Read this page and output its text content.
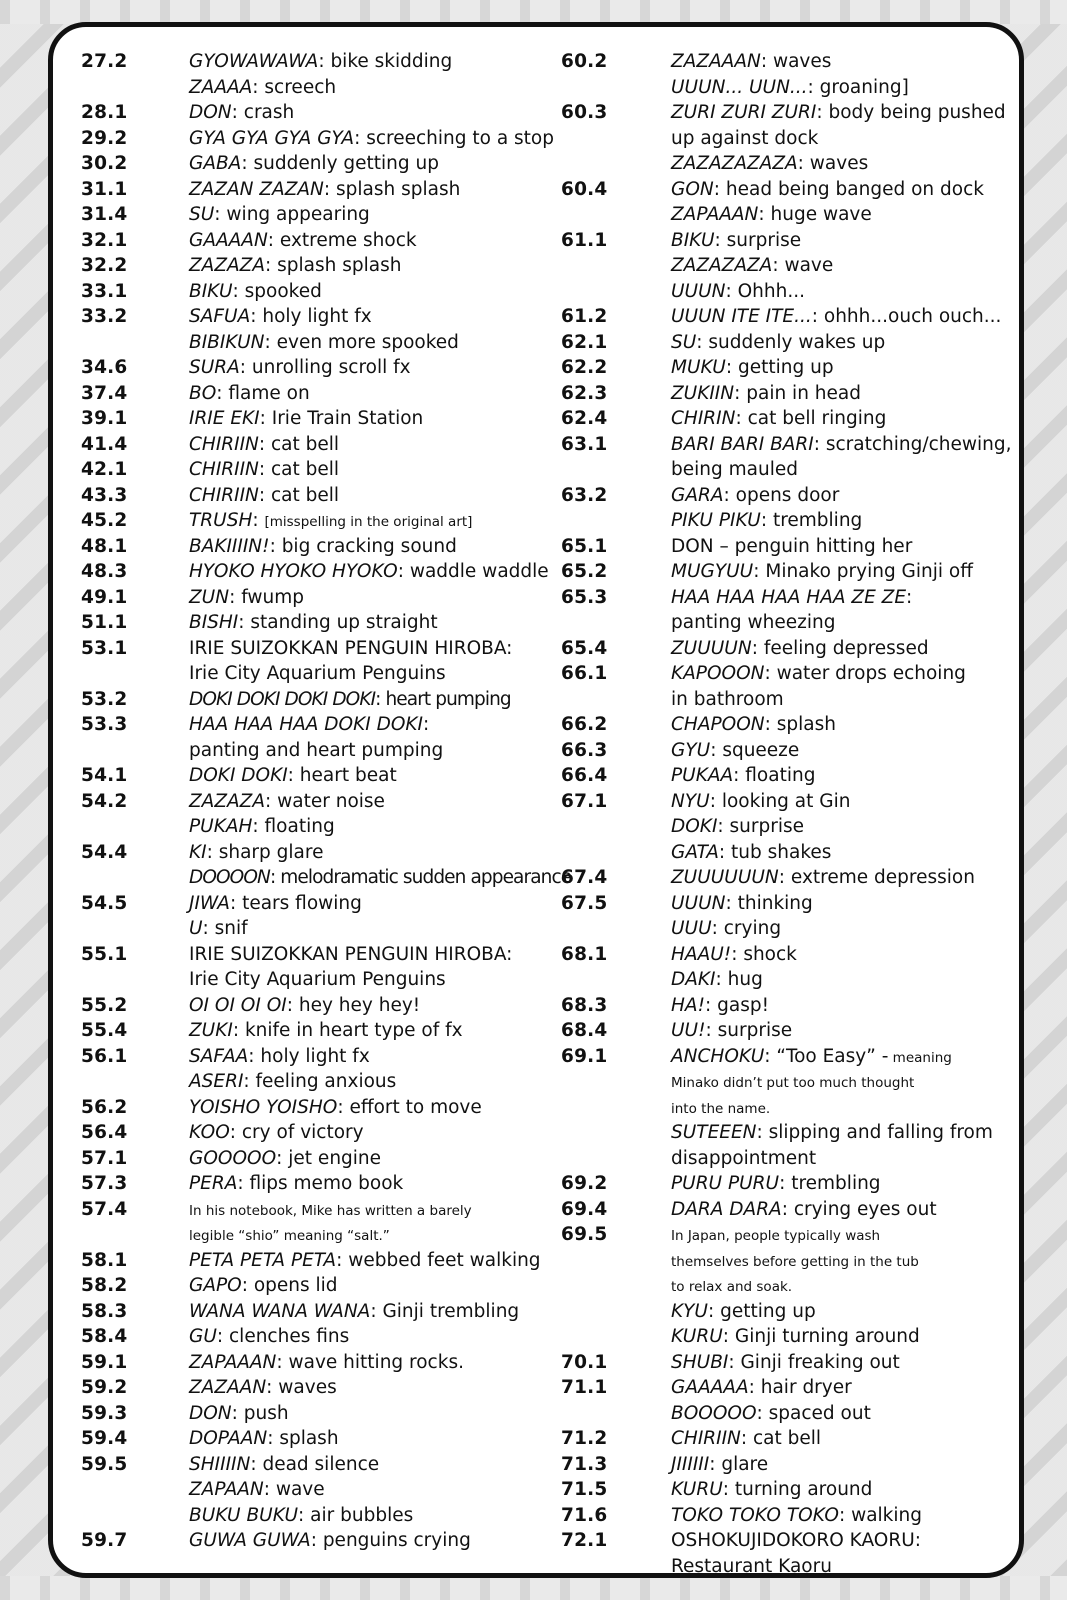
27.2	GYOWAWAWA: bike skidding
ZAAAA: screech
28.1	DON: crash
29.2	GYA GYA GYA GYA: screeching to a stop
30.2	GABA: suddenly getting up
31.1	ZAZAN ZAZAN: splash splash
31.4	SU: wing appearing
32.1	GAAAAN: extreme shock
32.2	ZAZAZA: splash splash
33.1	BIKU: spooked
33.2	SAFUA: holy light fx
BIBIKUN: even more spooked
34.6	SURA: unrolling scroll fx
37.4	BO: flame on
39.1	IRIE EKI: Irie Train Station
41.4	CHIRIIN: cat bell
42.1	CHIRIIN: cat bell
43.3	CHIRIIN: cat bell
45.2	TRUSH: [misspelling in the original art]
48.1	BAKIIIIN!: big cracking sound
48.3	HYOKO HYOKO HYOKO: waddle waddle
49.1	ZUN: fwump
51.1	BISHI: standing up straight
53.1	IRIE SUIZOKKAN PENGUIN HIROBA:
Irie City Aquarium Penguins
53.2	DOKI DOKI DOKI DOKI: heart pumping
53.3	HAA HAA HAA DOKI DOKI:
panting and heart pumping
54.1	DOKI DOKI: heart beat
54.2	ZAZAZA: water noise
PUKAH: floating
54.4	KI: sharp glare
DOOOON: melodramatic sudden appearance
54.5	JIWA: tears flowing
U: snif
55.1	IRIE SUIZOKKAN PENGUIN HIROBA:
Irie City Aquarium Penguins
55.2	OI OI OI OI: hey hey hey!
55.4	ZUKI: knife in heart type of fx
56.1	SAFAA: holy light fx
ASERI: feeling anxious
56.2	YOISHO YOISHO: effort to move
56.4	KOO: cry of victory
57.1	GOOOOO: jet engine
57.3	PERA: flips memo book
57.4	In his notebook, Mike has written a barely
legible “shio” meaning “salt.”
58.1	PETA PETA PETA: webbed feet walking
58.2	GAPO: opens lid
58.3	WANA WANA WANA: Ginji trembling
58.4	GU: clenches fins
59.1	ZAPAAAN: wave hitting rocks.
59.2	ZAZAAN: waves
59.3	DON: push
59.4	DOPAAN: splash
59.5	SHIIIIN: dead silence
ZAPAAN: wave
BUKU BUKU: air bubbles
59.7	GUWA GUWA: penguins crying
60.2	ZAZAAAN: waves
UUUN... UUN...: groaning]
60.3	ZURI ZURI ZURI: body being pushed
up against dock
ZAZAZAZAZA: waves
60.4	GON: head being banged on dock
ZAPAAAN: huge wave
61.1	BIKU: surprise
ZAZAZAZA: wave
UUUN: Ohhh...
61.2	UUUN ITE ITE...: ohhh...ouch ouch...
62.1	SU: suddenly wakes up
62.2	MUKU: getting up
62.3	ZUKIIN: pain in head
62.4	CHIRIN: cat bell ringing
63.1	BARI BARI BARI: scratching/chewing,
being mauled
63.2	GARA: opens door
PIKU PIKU: trembling
65.1	DON – penguin hitting her
65.2	MUGYUU: Minako prying Ginji off
65.3	HAA HAA HAA HAA ZE ZE:
panting wheezing
65.4	ZUUUUN: feeling depressed
66.1	KAPOOON: water drops echoing
in bathroom
66.2	CHAPOON: splash
66.3	GYU: squeeze
66.4	PUKAA: floating
67.1	NYU: looking at Gin
DOKI: surprise
GATA: tub shakes
67.4	ZUUUUUUN: extreme depression
67.5	UUUN: thinking
UUU: crying
68.1	HAAU!: shock
DAKI: hug
68.3	HA!: gasp!
68.4	UU!: surprise
69.1	ANCHOKU: “Too Easy” - meaning
Minako didn’t put too much thought
into the name.
SUTEEEN: slipping and falling from
disappointment
69.2	PURU PURU: trembling
69.4	DARA DARA: crying eyes out
69.5	In Japan, people typically wash
themselves before getting in the tub
to relax and soak.
KYU: getting up
KURU: Ginji turning around
70.1	SHUBI: Ginji freaking out
71.1	GAAAAA: hair dryer
BOOOOO: spaced out
71.2	CHIRIIN: cat bell
71.3	JIIIIII: glare
71.5	KURU: turning around
71.6	TOKO TOKO TOKO: walking
72.1	OSHOKUJIDOKORO KAORU:
Restaurant Kaoru
